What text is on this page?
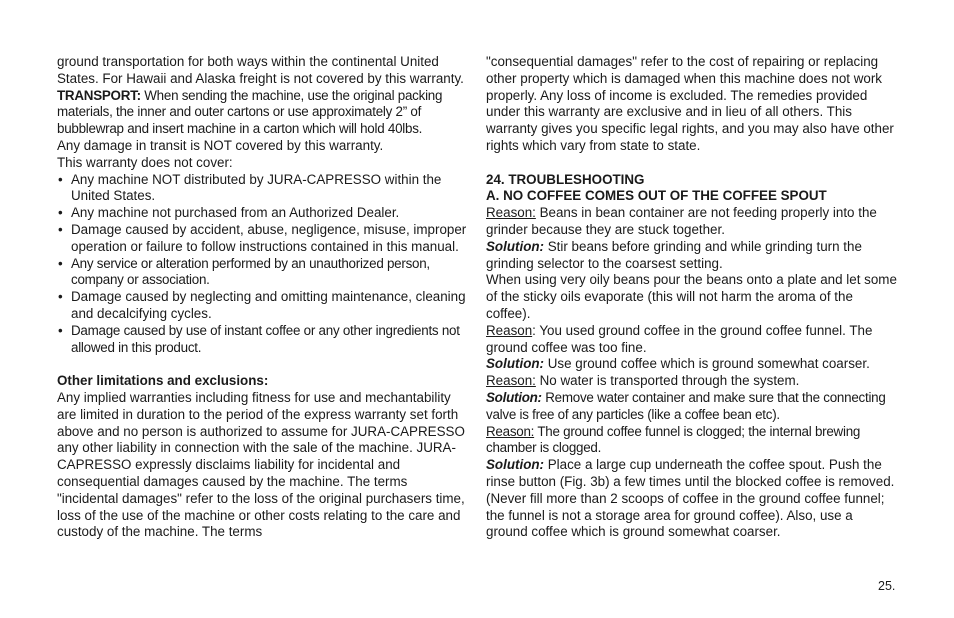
ground transportation for both ways within the continental United States. For Hawaii and Alaska freight is not covered by this warranty.

TRANSPORT: When sending the machine, use the original packing materials, the inner and outer cartons or use approximately 2” of bubblewrap and insert machine in a carton which will hold 40lbs.

Any damage in transit is NOT covered by this warranty.

This warranty does not cover:

• Any machine NOT distributed by JURA-CAPRESSO within the United States.
• Any machine not purchased from an Authorized Dealer.
• Damage caused by accident, abuse, negligence, misuse, improper operation or failure to follow instructions contained in this manual.
• Any service or alteration performed by an unauthorized person, company or association.
• Damage caused by neglecting and omitting maintenance, cleaning and decalcifying cycles.
• Damage caused by use of instant coffee or any other ingredients not allowed in this product.

Other limitations and exclusions:

Any implied warranties including fitness for use and mechantability are limited in duration to the period of the express warranty set forth above and no person is authorized to assume for JURA-CAPRESSO any other liability in connection with the sale of the machine. JURA-CAPRESSO expressly disclaims liability for incidental and consequential damages caused by the machine. The terms "incidental damages" refer to the loss of the original purchasers time, loss of the use of the machine or other costs relating to the care and custody of the machine. The terms

"consequential damages" refer to the cost of repairing or replacing other property which is damaged when this machine does not work properly. Any loss of income is excluded. The remedies provided under this warranty are exclusive and in lieu of all others. This warranty gives you specific legal rights, and you may also have other rights which vary from state to state.

24. TROUBLESHOOTING

A. NO COFFEE COMES OUT OF THE COFFEE SPOUT

Reason: Beans in bean container are not feeding properly into the grinder because they are stuck together.

Solution: Stir beans before grinding and while grinding turn the grinding selector to the coarsest setting.

When using very oily beans pour the beans onto a plate and let some of the sticky oils evaporate (this will not harm the aroma of the coffee).

Reason: You used ground coffee in the ground coffee funnel. The ground coffee was too fine.

Solution: Use ground coffee which is ground somewhat coarser.

Reason: No water is transported through the system.

Solution: Remove water container and make sure that the connecting valve is free of any particles (like a coffee bean etc).

Reason: The ground coffee funnel is clogged; the internal brewing chamber is clogged.

Solution: Place a large cup underneath the coffee spout. Push the rinse button (Fig. 3b) a few times until the blocked coffee is removed. (Never fill more than 2 scoops of coffee in the ground coffee funnel; the funnel is not a storage area for ground coffee). Also, use a ground coffee which is ground somewhat coarser.

25.
